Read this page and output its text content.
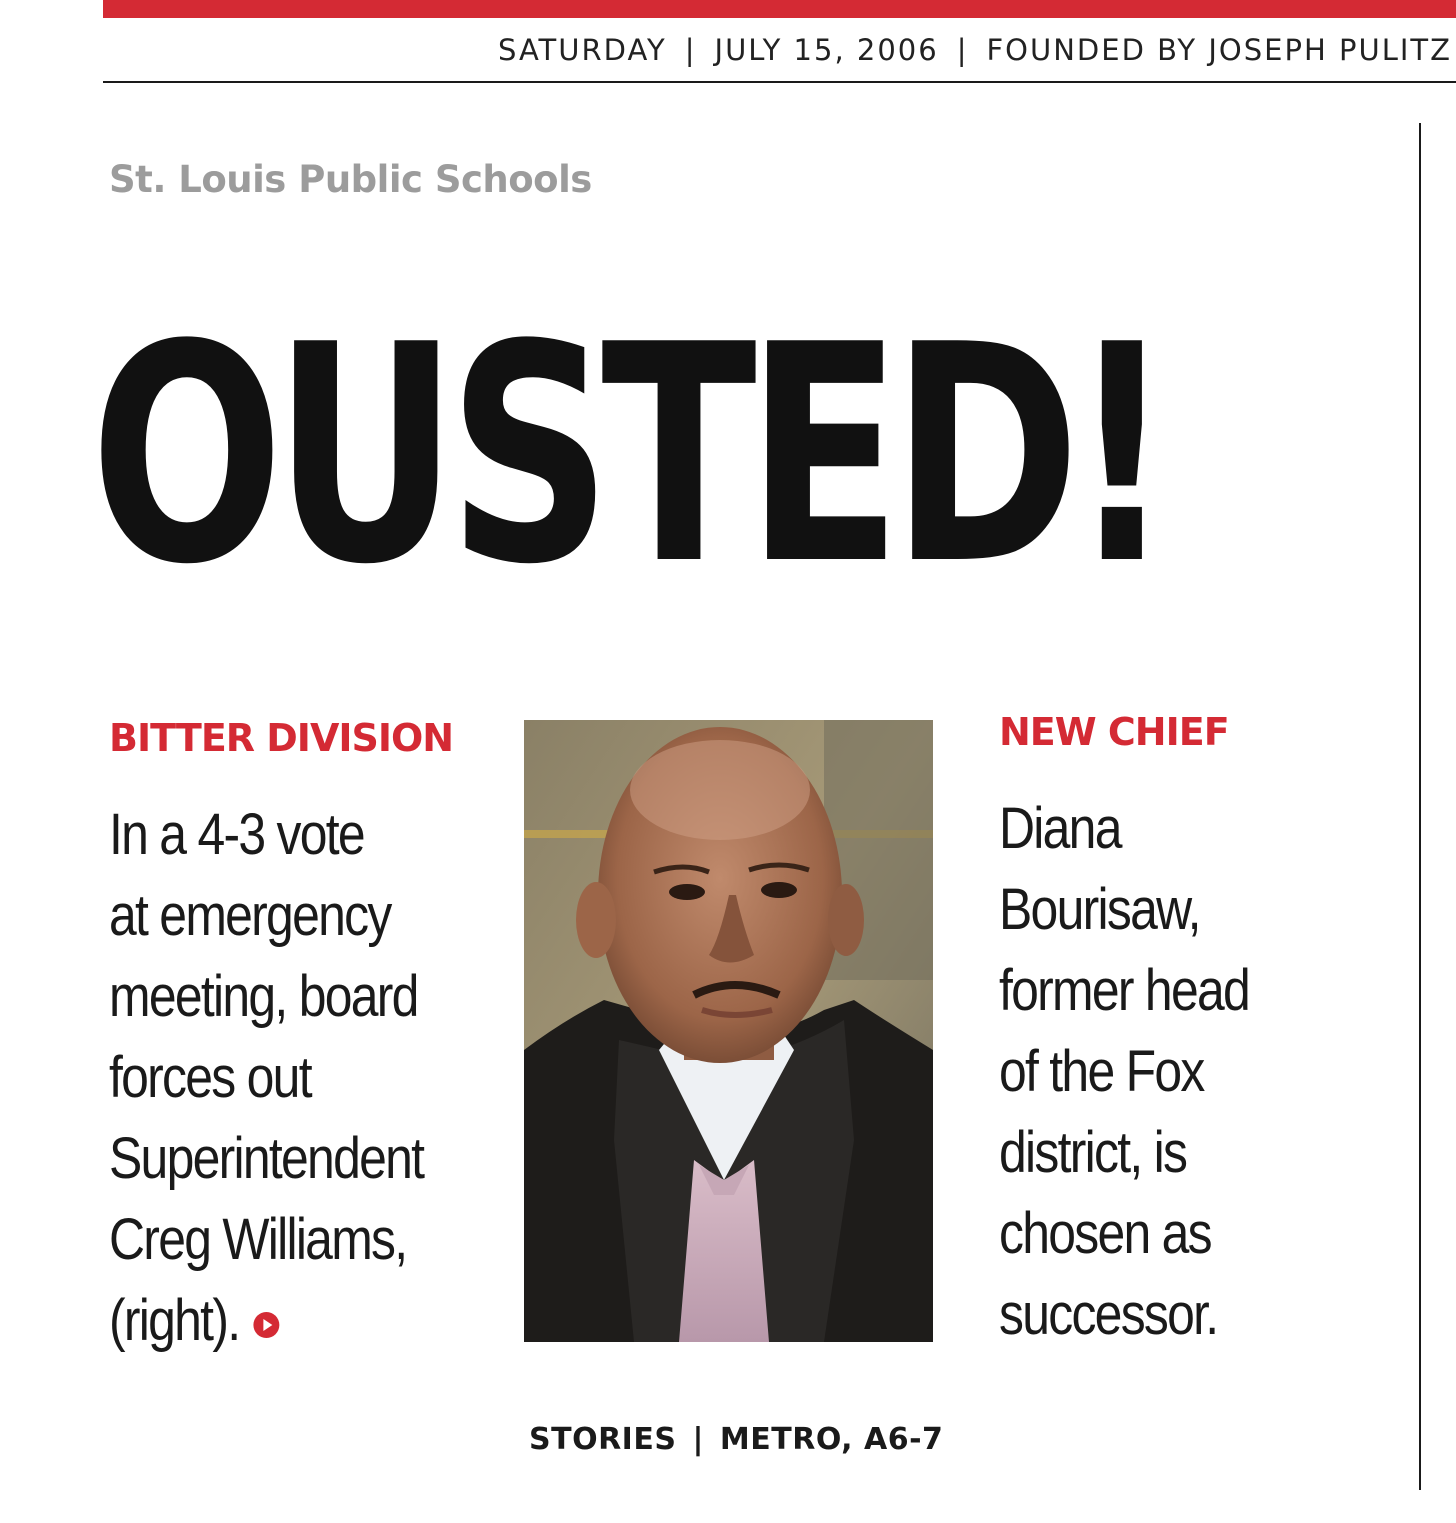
SATURDAY | JULY 15, 2006 | FOUNDED BY JOSEPH PULITZ
St. Louis Public Schools
OUSTED!
BITTER DIVISION
In a 4-3 vote
at emergency
meeting, board
forces out
Superintendent
Creg Williams,
(right).
NEW CHIEF
Diana
Bourisaw,
former head
of the Fox
district, is
chosen as
successor.
STORIES | METRO, A6-7
